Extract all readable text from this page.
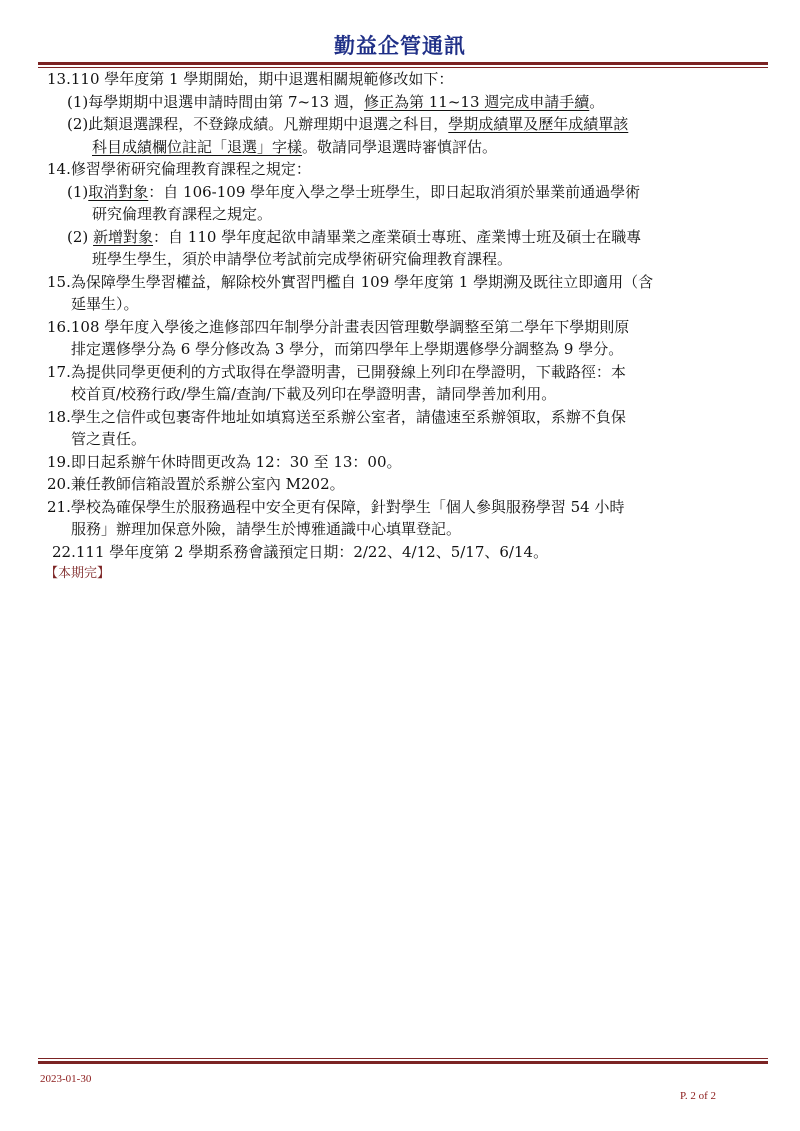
勤益企管通訊
13.110 學年度第 1 學期開始，期中退選相關規範修改如下：
(1)每學期期中退選申請時間由第 7~13 週，修正為第 11~13 週完成申請手續。
(2)此類退選課程，不登錄成績。凡辦理期中退選之科目，學期成績單及歷年成績單該
科目成績欄位註記「退選」字樣。敬請同學退選時審慎評估。
14.修習學術研究倫理教育課程之規定：
(1)取消對象：自 106-109 學年度入學之學士班學生，即日起取消須於畢業前通過學術
研究倫理教育課程之規定。
(2) 新增對象：自 110 學年度起欲申請畢業之產業碩士專班、產業博士班及碩士在職專
班學生學生，須於申請學位考試前完成學術研究倫理教育課程。
15.為保障學生學習權益，解除校外實習門檻自 109 學年度第 1 學期溯及既往立即適用（含
延畢生）。
16.108 學年度入學後之進修部四年制學分計畫表因管理數學調整至第二學年下學期則原
排定選修學分為 6 學分修改為 3 學分，而第四學年上學期選修學分調整為 9 學分。
17.為提供同學更便利的方式取得在學證明書，已開發線上列印在學證明，下載路徑：本
校首頁/校務行政/學生篇/查詢/下載及列印在學證明書，請同學善加利用。
18.學生之信件或包裹寄件地址如填寫送至系辦公室者，請儘速至系辦領取，系辦不負保
管之責任。
19.即日起系辦午休時間更改為 12：30 至 13：00。
20.兼任教師信箱設置於系辦公室內 M202。
21.學校為確保學生於服務過程中安全更有保障，針對學生「個人參與服務學習 54 小時
服務」辦理加保意外險，請學生於博雅通識中心填單登記。
22.111 學年度第 2 學期系務會議預定日期：2/22、4/12、5/17、6/14。
【本期完】
2023-01-30
P. 2 of 2
